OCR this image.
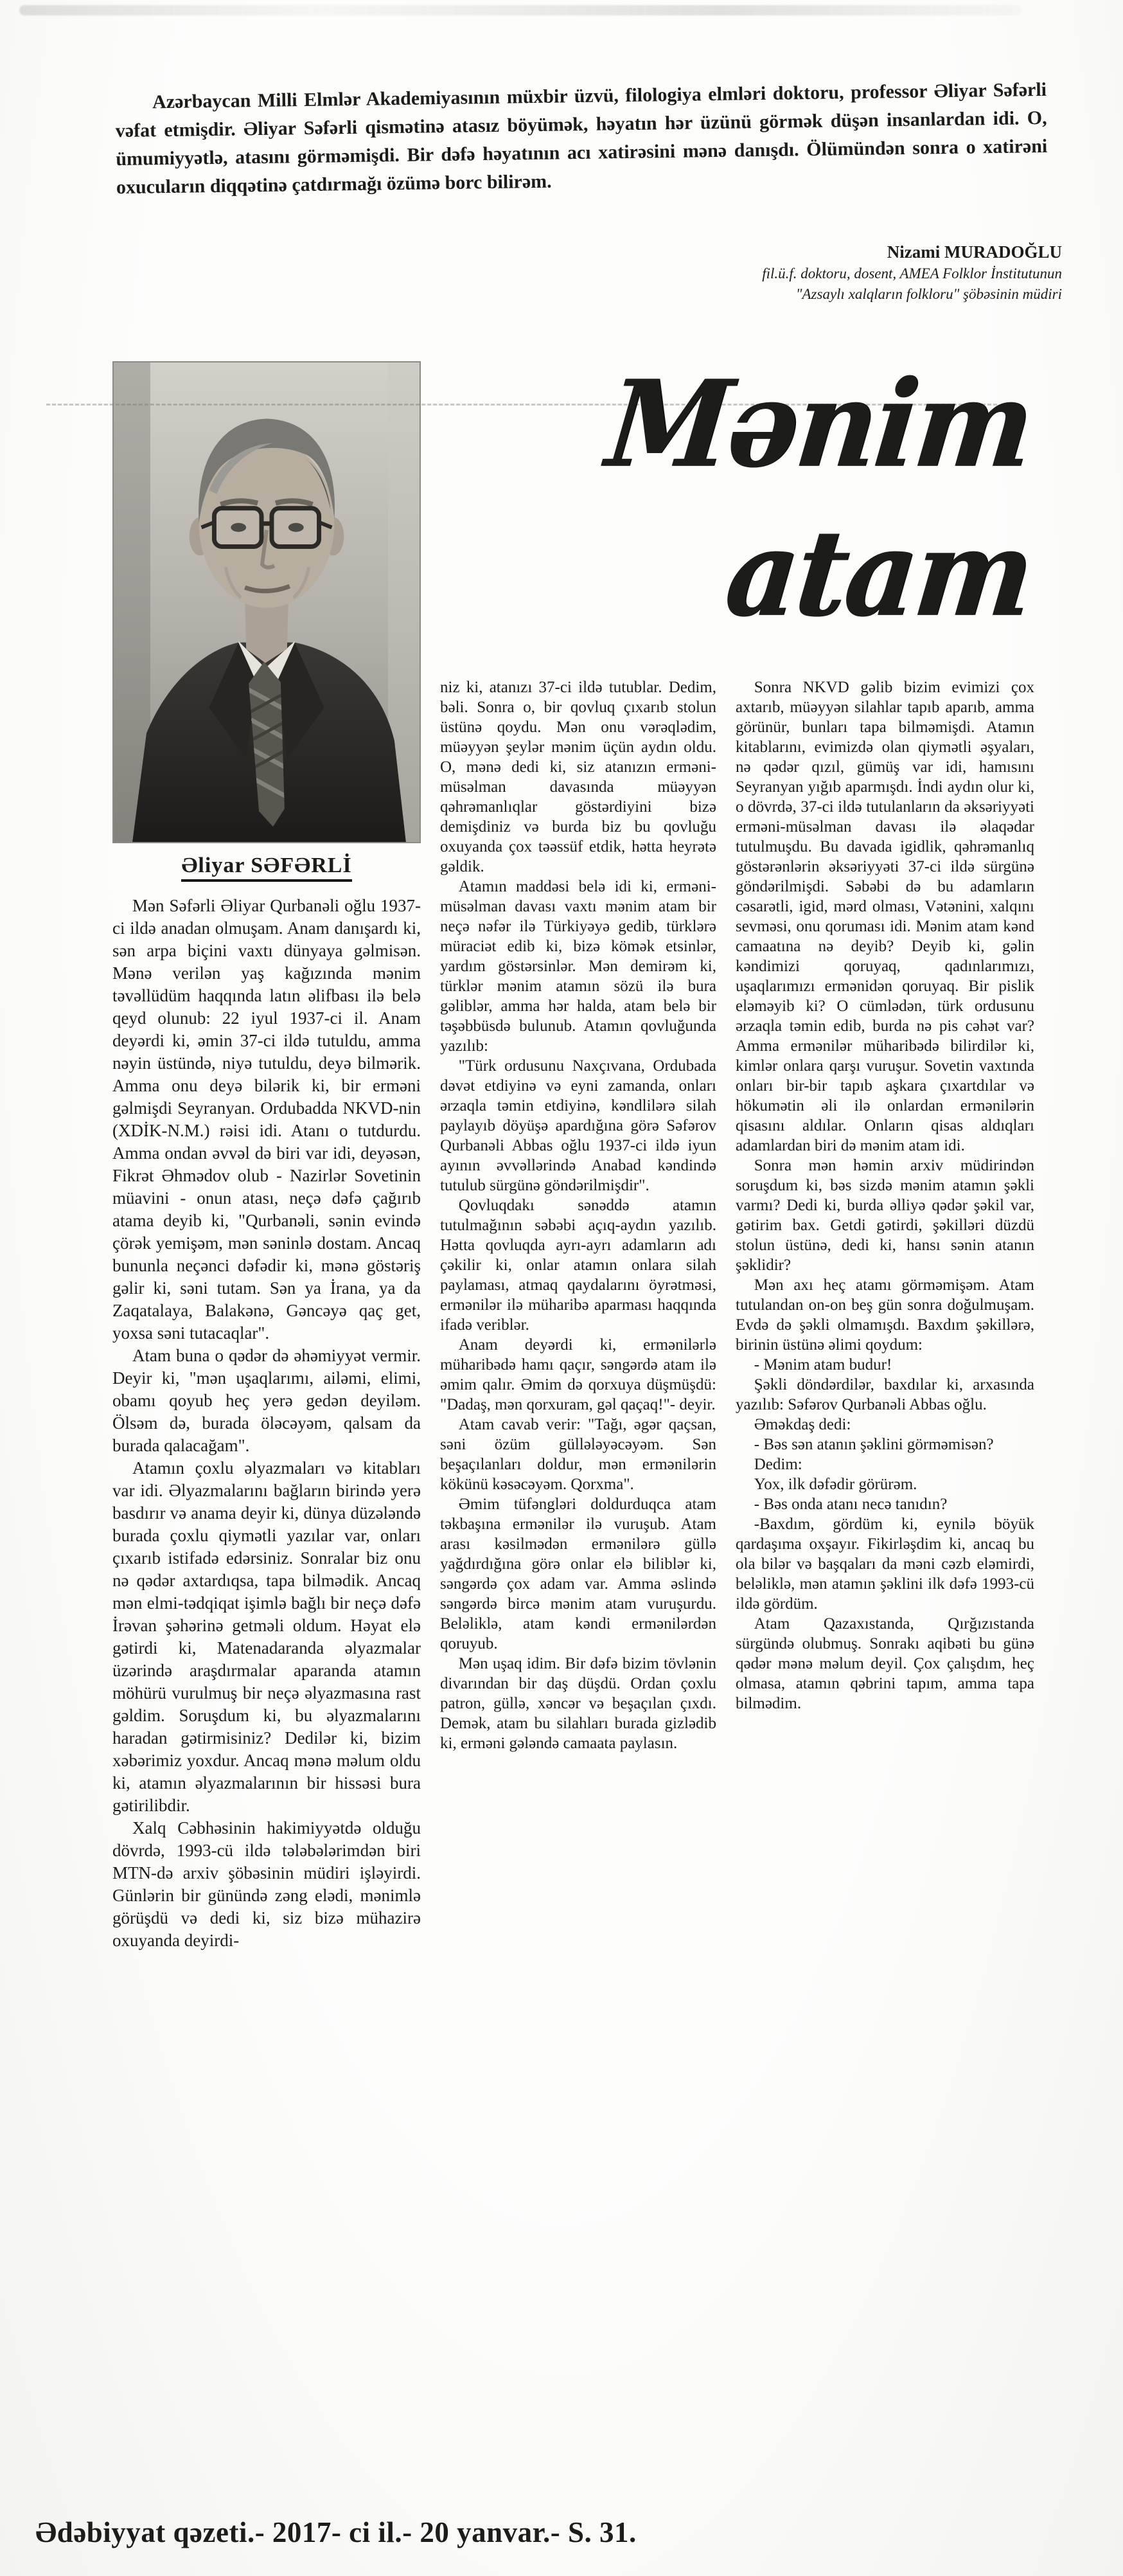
Azərbaycan Milli Elmlər Akademiyasının müxbir üzvü, filologiya elmləri doktoru, professor Əliyar Səfərli vəfat etmişdir. Əliyar Səfərli qismətinə atasız böyümək, həyatın hər üzünü görmək düşən insanlardan idi. O, ümumiyyətlə, atasını görməmişdi. Bir dəfə həyatının acı xatirəsini mənə danışdı. Ölümündən sonra o xatirəni oxucuların diqqətinə çatdırmağı özümə borc bilirəm.

Nizami MURADOĞLU
fil.ü.f. doktoru, dosent, AMEA Folklor İnstitutunun
"Azsaylı xalqların folkloru" şöbəsinin müdiri
Əliyar SƏFƏRLİ

Mən Səfərli Əliyar Qurbanəli oğlu 1937-ci ildə anadan olmuşam. Anam danışardı ki, sən arpa biçini vaxtı dünyaya gəlmisən. Mənə verilən yaş kağızında mənim təvəllüdüm haqqında latın əlifbası ilə belə qeyd olunub: 22 iyul 1937-ci il. Anam deyərdi ki, əmin 37-ci ildə tutuldu, amma nəyin üstündə, niyə tutuldu, deyə bilmərik. Amma onu deyə bilərik ki, bir erməni gəlmişdi Seyranyan. Ordubadda NKVD-nin (XDİK-N.M.) rəisi idi. Atanı o tutdurdu. Amma ondan əvvəl də biri var idi, deyəsən, Fikrət Əhmədov olub - Nazirlər Sovetinin müavini - onun atası, neçə dəfə çağırıb atama deyib ki, "Qurbanəli, sənin evində çörək yemişəm, mən səninlə dostam. Ancaq bununla neçənci dəfədir ki, mənə göstəriş gəlir ki, səni tutam. Sən ya İrana, ya da Zaqatalaya, Balakənə, Gəncəyə qaç get, yoxsa səni tutacaqlar".

Atam buna o qədər də əhəmiyyət vermir. Deyir ki, "mən uşaqlarımı, ailəmi, elimi, obamı qoyub heç yerə gedən deyiləm. Ölsəm də, burada öləcəyəm, qalsam da burada qalacağam".

Atamın çoxlu əlyazmaları və kitabları var idi. Əlyazmalarını bağların birində yerə basdırır və anama deyir ki, dünya düzələndə burada çoxlu qiymətli yazılar var, onları çıxarıb istifadə edərsiniz. Sonralar biz onu nə qədər axtardıqsa, tapa bilmədik. Ancaq mən elmi-tədqiqat işimlə bağlı bir neçə dəfə İrəvan şəhərinə getməli oldum. Həyat elə gətirdi ki, Matenadaranda əlyazmalar üzərində araşdırmalar aparanda atamın möhürü vurulmuş bir neçə əlyazmasına rast gəldim. Soruşdum ki, bu əlyazmalarını haradan gətirmisiniz? Dedilər ki, bizim xəbərimiz yoxdur. Ancaq mənə məlum oldu ki, atamın əlyazmalarının bir hissəsi bura gətirilibdir.

Xalq Cəbhəsinin hakimiyyətdə olduğu dövrdə, 1993-cü ildə tələbələrimdən biri MTN-də arxiv şöbəsinin müdiri işləyirdi. Günlərin bir günündə zəng elədi, mənimlə görüşdü və dedi ki, siz bizə mühazirə oxuyanda deyirdi-

Mənim
atam

niz ki, atanızı 37-ci ildə tutublar. Dedim, bəli. Sonra o, bir qovluq çıxarıb stolun üstünə qoydu. Mən onu vərəqlədim, müəyyən şeylər mənim üçün aydın oldu. O, mənə dedi ki, siz atanızın erməni-müsəlman davasında müəyyən qəhrəmanlıqlar göstərdiyini bizə demişdiniz və burda biz bu qovluğu oxuyanda çox təəssüf etdik, hətta heyrətə gəldik.

Atamın maddəsi belə idi ki, erməni-müsəlman davası vaxtı mənim atam bir neçə nəfər ilə Türkiyəyə gedib, türklərə müraciət edib ki, bizə kömək etsinlər, yardım göstərsinlər. Mən demirəm ki, türklər mənim atamın sözü ilə bura gəliblər, amma hər halda, atam belə bir təşəbbüsdə bulunub. Atamın qovluğunda yazılıb:

"Türk ordusunu Naxçıvana, Ordubada dəvət etdiyinə və eyni zamanda, onları ərzaqla təmin etdiyinə, kəndlilərə silah paylayıb döyüşə apardığına görə Səfərov Qurbanəli Abbas oğlu 1937-ci ildə iyun ayının əvvəllərində Anabad kəndində tutulub sürgünə göndərilmişdir".

Qovluqdakı sənəddə atamın tutulmağının səbəbi açıq-aydın yazılıb. Hətta qovluqda ayrı-ayrı adamların adı çəkilir ki, onlar atamın onlara silah paylaması, atmaq qaydalarını öyrətməsi, ermənilər ilə müharibə aparması haqqında ifadə veriblər.

Anam deyərdi ki, ermənilərlə müharibədə hamı qaçır, səngərdə atam ilə əmim qalır. Əmim də qorxuya düşmüşdü: "Dadaş, mən qorxuram, gəl qaçaq!"- deyir.

Atam cavab verir: "Tağı, əgər qaçsan, səni özüm güllələyəcəyəm. Sən beşaçılanları doldur, mən ermənilərin kökünü kəsəcəyəm. Qorxma".

Əmim tüfəngləri doldurduqca atam təkbaşına ermənilər ilə vuruşub. Atam arası kəsilmədən ermənilərə güllə yağdırdığına görə onlar elə biliblər ki, səngərdə çox adam var. Amma əslində səngərdə bircə mənim atam vuruşurdu. Beləliklə, atam kəndi ermənilərdən qoruyub.

Mən uşaq idim. Bir dəfə bizim tövlənin divarından bir daş düşdü. Ordan çoxlu patron, güllə, xəncər və beşaçılan çıxdı. Demək, atam bu silahları burada gizlədib ki, erməni gələndə camaata paylasın.

Sonra NKVD gəlib bizim evimizi çox axtarıb, müəyyən silahlar tapıb aparıb, amma görünür, bunları tapa bilməmişdi. Atamın kitablarını, evimizdə olan qiymətli əşyaları, nə qədər qızıl, gümüş var idi, hamısını Seyranyan yığıb aparmışdı. İndi aydın olur ki, o dövrdə, 37-ci ildə tutulanların da əksəriyyəti erməni-müsəlman davası ilə əlaqədar tutulmuşdu. Bu davada igidlik, qəhrəmanlıq göstərənlərin əksəriyyəti 37-ci ildə sürgünə göndərilmişdi. Səbəbi də bu adamların cəsarətli, igid, mərd olması, Vətənini, xalqını sevməsi, onu qoruması idi. Mənim atam kənd camaatına nə deyib? Deyib ki, gəlin kəndimizi qoruyaq, qadınlarımızı, uşaqlarımızı ermənidən qoruyaq. Bir pislik eləməyib ki? O cümlədən, türk ordusunu ərzaqla təmin edib, burda nə pis cəhət var? Amma ermənilər müharibədə bilirdilər ki, kimlər onlara qarşı vuruşur. Sovetin vaxtında onları bir-bir tapıb aşkara çıxartdılar və hökumətin əli ilə onlardan ermənilərin qisasını aldılar. Onların qisas aldıqları adamlardan biri də mənim atam idi.

Sonra mən həmin arxiv müdirindən soruşdum ki, bəs sizdə mənim atamın şəkli varmı? Dedi ki, burda əlliyə qədər şəkil var, gətirim bax. Getdi gətirdi, şəkilləri düzdü stolun üstünə, dedi ki, hansı sənin atanın şəklidir?

Mən axı heç atamı görməmişəm. Atam tutulandan on-on beş gün sonra doğulmuşam. Evdə də şəkli olmamışdı. Baxdım şəkillərə, birinin üstünə əlimi qoydum:

- Mənim atam budur!

Şəkli döndərdilər, baxdılar ki, arxasında yazılıb: Səfərov Qurbanəli Abbas oğlu.

Əməkdaş dedi:

- Bəs sən atanın şəklini görməmisən?

Dedim:

Yox, ilk dəfədir görürəm.

- Bəs onda atanı necə tanıdın?

-Baxdım, gördüm ki, eynilə böyük qardaşıma oxşayır. Fikirləşdim ki, ancaq bu ola bilər və başqaları da məni cəzb eləmirdi, beləliklə, mən atamın şəklini ilk dəfə 1993-cü ildə gördüm.

Atam Qazaxıstanda, Qırğızıstanda sürgündə olubmuş. Sonrakı aqibəti bu günə qədər mənə məlum deyil. Çox çalışdım, heç olmasa, atamın qəbrini tapım, amma tapa bilmədim.

Ədəbiyyat qəzeti.- 2017- ci il.- 20 yanvar.- S. 31.
